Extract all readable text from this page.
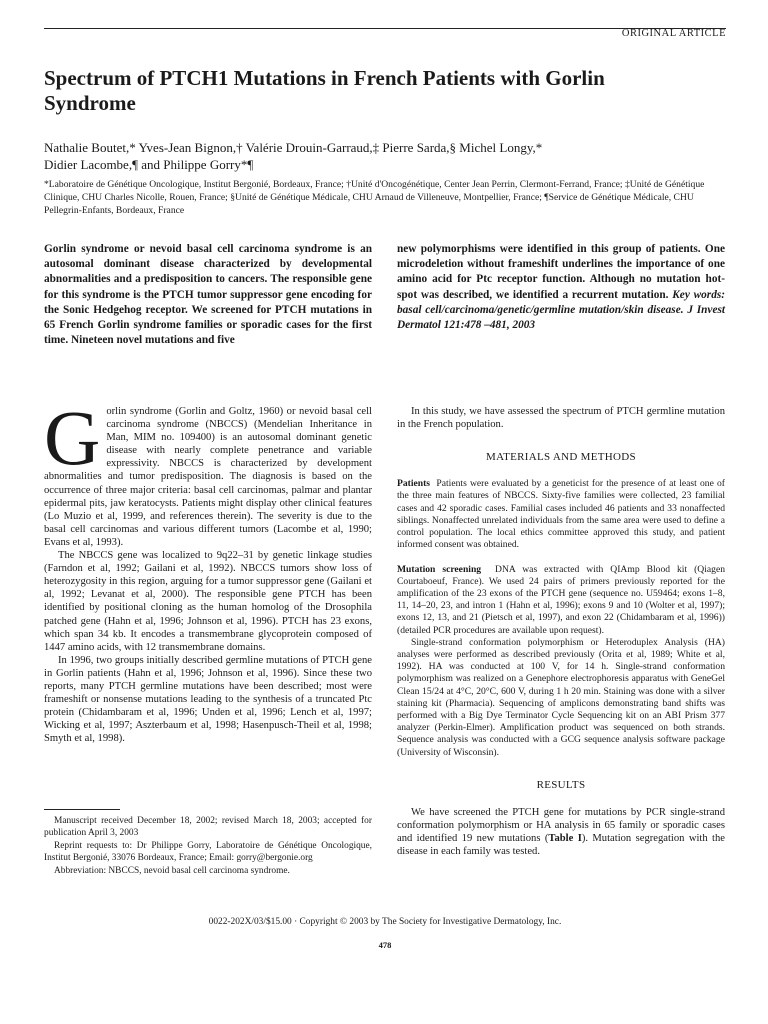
ORIGINAL ARTICLE
Spectrum of PTCH1 Mutations in French Patients with Gorlin Syndrome
Nathalie Boutet,* Yves-Jean Bignon,† Valérie Drouin-Garraud,‡ Pierre Sarda,§ Michel Longy,*
Didier Lacombe,¶ and Philippe Gorry*¶
*Laboratoire de Génétique Oncologique, Institut Bergonié, Bordeaux, France; †Unité d'Oncogénétique, Center Jean Perrin, Clermont-Ferrand, France; ‡Unité de Génétique Clinique, CHU Charles Nicolle, Rouen, France; §Unité de Génétique Médicale, CHU Arnaud de Villeneuve, Montpellier, France; ¶Service de Génétique Médicale, CHU Pellegrin-Enfants, Bordeaux, France

Gorlin syndrome or nevoid basal cell carcinoma syndrome is an autosomal dominant disease characterized by developmental abnormalities and a predisposition to cancers. The responsible gene for this syndrome is the PTCH tumor suppressor gene encoding for the Sonic Hedgehog receptor. We screened for PTCH mutations in 65 French Gorlin syndrome families or sporadic cases for the first time. Nineteen novel mutations and five

new polymorphisms were identified in this group of patients. One microdeletion without frameshift underlines the importance of one amino acid for Ptc receptor function. Although no mutation hot-spot was described, we identified a recurrent mutation. Key words: basal cell/carcinoma/genetic/germline mutation/skin disease. J Invest Dermatol 121:478 –481, 2003

Gorlin syndrome (Gorlin and Goltz, 1960) or nevoid basal cell carcinoma syndrome (NBCCS) (Mendelian Inheritance in Man, MIM no. 109400) is an autosomal dominant genetic disease with nearly complete penetrance and variable expressivity. NBCCS is characterized by development abnormalities and tumor predisposition. The diagnosis is based on the occurrence of three major criteria: basal cell carcinomas, palmar and plantar epidermal pits, jaw keratocysts. Patients might display other clinical features (Lo Muzio et al, 1999, and references therein). The severity is due to the basal cell carcinomas and various different tumors (Lacombe et al, 1990; Evans et al, 1993).

The NBCCS gene was localized to 9q22–31 by genetic linkage studies (Farndon et al, 1992; Gailani et al, 1992). NBCCS tumors show loss of heterozygosity in this region, arguing for a tumor suppressor gene (Gailani et al, 1992; Levanat et al, 2000). The responsible gene PTCH has been identified by positional cloning as the human homolog of the Drosophila patched gene (Hahn et al, 1996; Johnson et al, 1996). PTCH has 23 exons, which span 34 kb. It encodes a transmembrane glycoprotein composed of 1447 amino acids, with 12 transmembrane domains.

In 1996, two groups initially described germline mutations of PTCH gene in Gorlin patients (Hahn et al, 1996; Johnson et al, 1996). Since these two reports, many PTCH germline mutations have been described; most were frameshift or nonsense mutations leading to the synthesis of a truncated Ptc protein (Chidambaram et al, 1996; Unden et al, 1996; Lench et al, 1997; Wicking et al, 1997; Aszterbaum et al, 1998; Hasenpusch-Theil et al, 1998; Smyth et al, 1998).

Manuscript received December 18, 2002; revised March 18, 2003; accepted for publication April 3, 2003

Reprint requests to: Dr Philippe Gorry, Laboratoire de Génétique Oncologique, Institut Bergonié, 33076 Bordeaux, France; Email: gorry@bergonie.org

Abbreviation: NBCCS, nevoid basal cell carcinoma syndrome.

In this study, we have assessed the spectrum of PTCH germline mutation in the French population.

MATERIALS AND METHODS

Patients Patients were evaluated by a geneticist for the presence of at least one of the three main features of NBCCS. Sixty-five families were collected, 23 familial cases and 42 sporadic cases. Familial cases included 46 patients and 33 nonaffected siblings. Nonaffected unrelated individuals from the same area were used to define a control population. The local ethics committee approved this study, and patient informed consent was obtained.

Mutation screening DNA was extracted with QIAmp Blood kit (Qiagen Courtaboeuf, France). We used 24 pairs of primers previously reported for the amplification of the 23 exons of the PTCH gene (sequence no. U59464; exons 1–8, 11, 14–20, 23, and intron 1 (Hahn et al, 1996); exons 9 and 10 (Wolter et al, 1997); exons 12, 13, and 21 (Pietsch et al, 1997), and exon 22 (Chidambaram et al, 1996)) (detailed PCR procedures are available upon request).

Single-strand conformation polymorphism or Heteroduplex Analysis (HA) analyses were performed as described previously (Orita et al, 1989; White et al, 1992). HA was conducted at 100 V, for 14 h. Single-strand conformation polymorphism was realized on a Genephore electrophoresis apparatus with GeneGel Clean 15/24 at 4°C, 20°C, 600 V, during 1 h 20 min. Staining was done with a silver staining kit (Pharmacia). Sequencing of amplicons demonstrating band shifts was performed with a Big Dye Terminator Cycle Sequencing kit on an ABI Prism 377 analyzer (Perkin-Elmer). Amplification product was sequenced on both strands. Sequence analysis was conducted with a GCG sequence analysis software package (University of Wisconsin).

RESULTS

We have screened the PTCH gene for mutations by PCR single-strand conformation polymorphism or HA analysis in 65 family or sporadic cases and identified 19 new mutations (Table I). Mutation segregation with the disease in each family was tested.

0022-202X/03/$15.00 · Copyright © 2003 by The Society for Investigative Dermatology, Inc.
478
